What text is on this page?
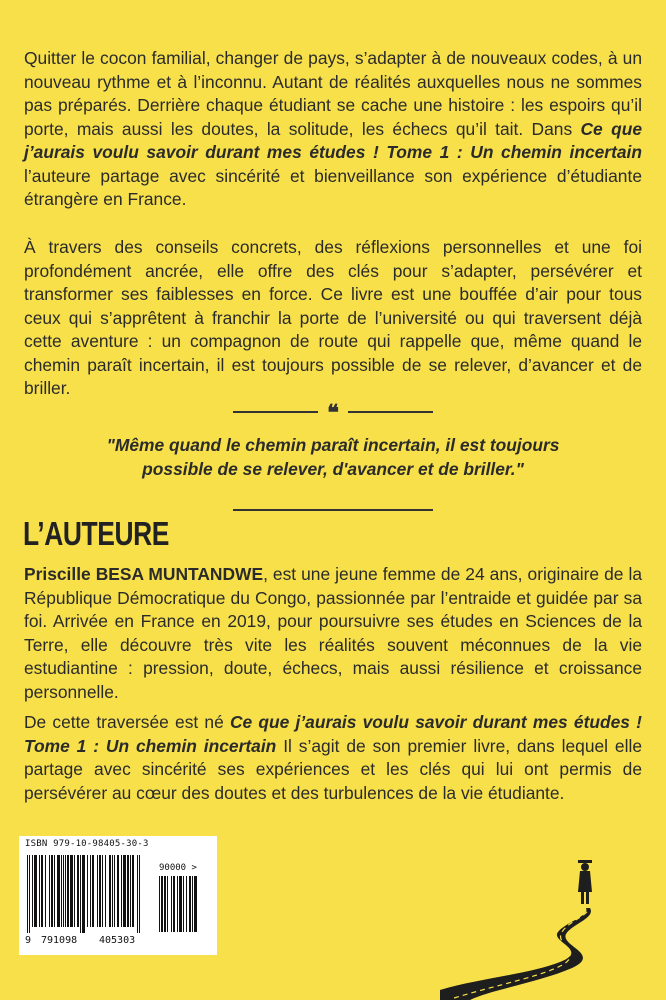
Quitter le cocon familial, changer de pays, s’adapter à de nouveaux codes, à un nouveau rythme et à l’inconnu. Autant de réalités auxquelles nous ne sommes pas préparés. Derrière chaque étudiant se cache une histoire : les espoirs qu’il porte, mais aussi les doutes, la solitude, les échecs qu’il tait. Dans Ce que j’aurais voulu savoir durant mes études ! Tome 1 : Un chemin incertain l’auteure partage avec sincérité et bienveillance son expérience d’étudiante étrangère en France.

À travers des conseils concrets, des réflexions personnelles et une foi profondément ancrée, elle offre des clés pour s’adapter, persévérer et transformer ses faiblesses en force. Ce livre est une bouffée d’air pour tous ceux qui s’apprêtent à franchir la porte de l’université ou qui traversent déjà cette aventure : un compagnon de route qui rappelle que, même quand le chemin paraît incertain, il est toujours possible de se relever, d’avancer et de briller.

❝

"Même quand le chemin paraît incertain, il est toujours possible de se relever, d'avancer et de briller."

L’AUTEURE

Priscille BESA MUNTANDWE, est une jeune femme de 24 ans, originaire de la République Démocratique du Congo, passionnée par l’entraide et guidée par sa foi. Arrivée en France en 2019, pour poursuivre ses études en Sciences de la Terre, elle découvre très vite les réalités souvent méconnues de la vie estudiantine : pression, doute, échecs, mais aussi résilience et croissance personnelle.

De cette traversée est né Ce que j’aurais voulu savoir durant mes études ! Tome 1 : Un chemin incertain Il s’agit de son premier livre, dans lequel elle partage avec sincérité ses expériences et les clés qui lui ont permis de persévérer au cœur des doutes et des turbulences de la vie étudiante.

ISBN 979-10-98405-30-3
90000 >
9 791098 405303
